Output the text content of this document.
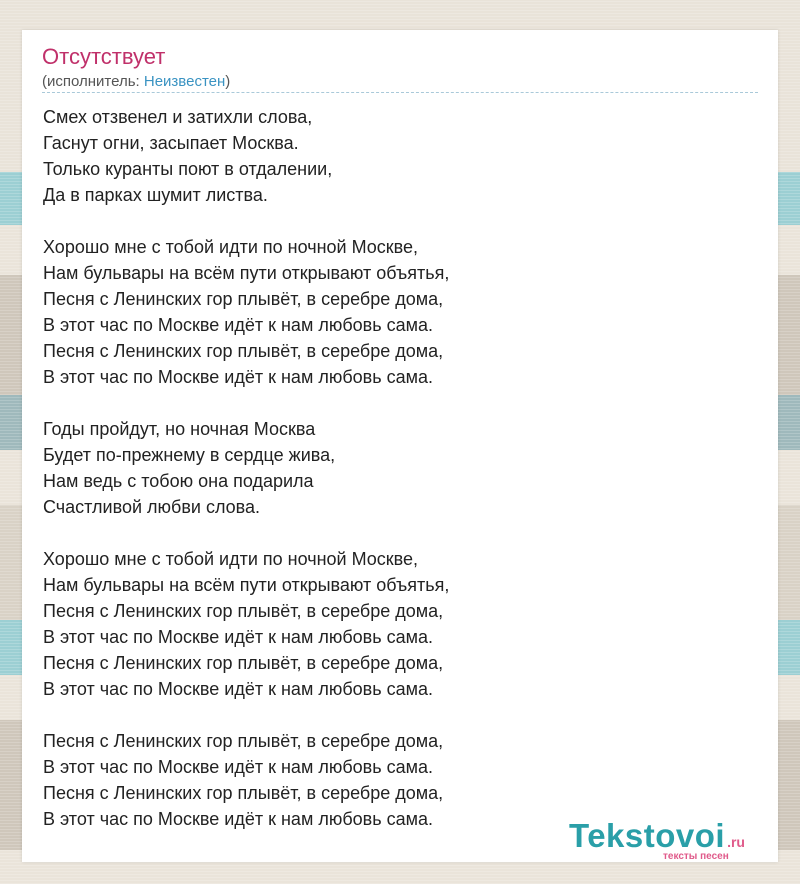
Отсутствует
(исполнитель: Неизвестен)
Смех отзвенел и затихли слова,
Гаснут огни, засыпает Москва.
Только куранты поют в отдалении,
Да в парках шумит листва.
Хорошо мне с тобой идти по ночной Москве,
Нам бульвары на всём пути открывают объятья,
Песня с Ленинских гор плывёт, в серебре дома,
В этот час по Москве идёт к нам любовь сама.
Песня с Ленинских гор плывёт, в серебре дома,
В этот час по Москве идёт к нам любовь сама.
Годы пройдут, но ночная Москва
Будет по-прежнему в сердце жива,
Нам ведь с тобою она подарила
Счастливой любви слова.
Хорошо мне с тобой идти по ночной Москве,
Нам бульвары на всём пути открывают объятья,
Песня с Ленинских гор плывёт, в серебре дома,
В этот час по Москве идёт к нам любовь сама.
Песня с Ленинских гор плывёт, в серебре дома,
В этот час по Москве идёт к нам любовь сама.
Песня с Ленинских гор плывёт, в серебре дома,
В этот час по Москве идёт к нам любовь сама.
Песня с Ленинских гор плывёт, в серебре дома,
В этот час по Москве идёт к нам любовь сама.	Tekstovoi .ru
тексты песен
